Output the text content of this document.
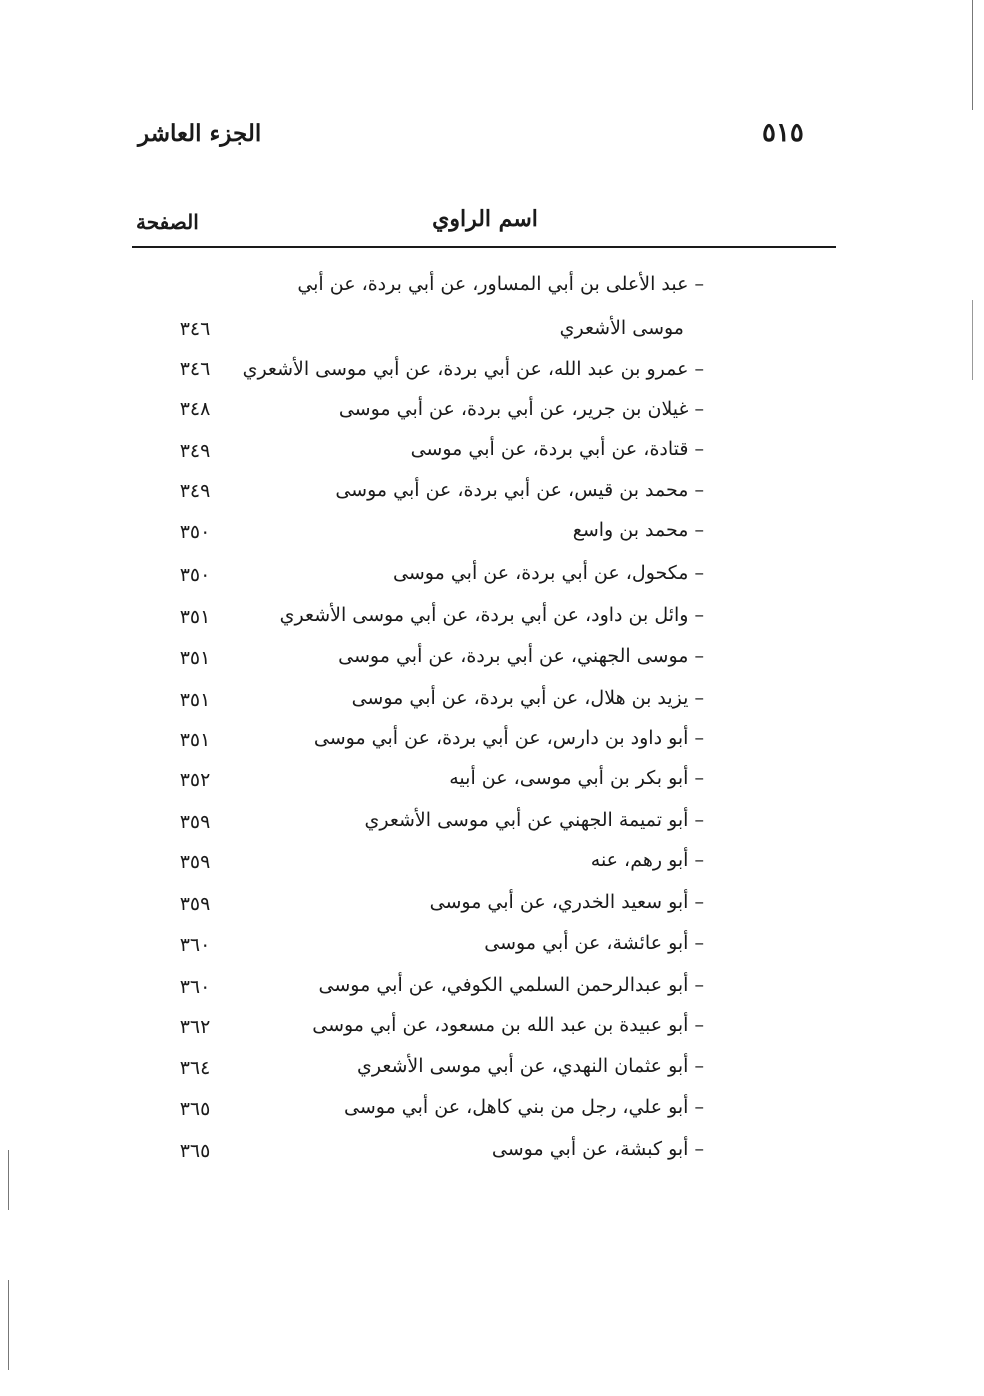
٥١٥
الجزء العاشر
اسم الراوي
الصفحة
– عبد الأعلى بن أبي المساور، عن أبي بردة، عن أبي
موسى الأشعري
٣٤٦
– عمرو بن عبد الله، عن أبي بردة، عن أبي موسى الأشعري
٣٤٦
– غيلان بن جرير، عن أبي بردة، عن أبي موسى
٣٤٨
– قتادة، عن أبي بردة، عن أبي موسى
٣٤٩
– محمد بن قيس، عن أبي بردة، عن أبي موسى
٣٤٩
– محمد بن واسع
٣٥٠
– مكحول، عن أبي بردة، عن أبي موسى
٣٥٠
– وائل بن داود، عن أبي بردة، عن أبي موسى الأشعري
٣٥١
– موسى الجهني، عن أبي بردة، عن أبي موسى
٣٥١
– يزيد بن هلال، عن أبي بردة، عن أبي موسى
٣٥١
– أبو داود بن دارس، عن أبي بردة، عن أبي موسى
٣٥١
– أبو بكر بن أبي موسى، عن أبيه
٣٥٢
– أبو تميمة الجهني عن أبي موسى الأشعري
٣٥٩
– أبو رهم، عنه
٣٥٩
– أبو سعيد الخدري، عن أبي موسى
٣٥٩
– أبو عائشة، عن أبي موسى
٣٦٠
– أبو عبدالرحمن السلمي الكوفي، عن أبي موسى
٣٦٠
– أبو عبيدة بن عبد الله بن مسعود، عن أبي موسى
٣٦٢
– أبو عثمان النهدي، عن أبي موسى الأشعري
٣٦٤
– أبو علي، رجل من بني كاهل، عن أبي موسى
٣٦٥
– أبو كبشة، عن أبي موسى
٣٦٥
